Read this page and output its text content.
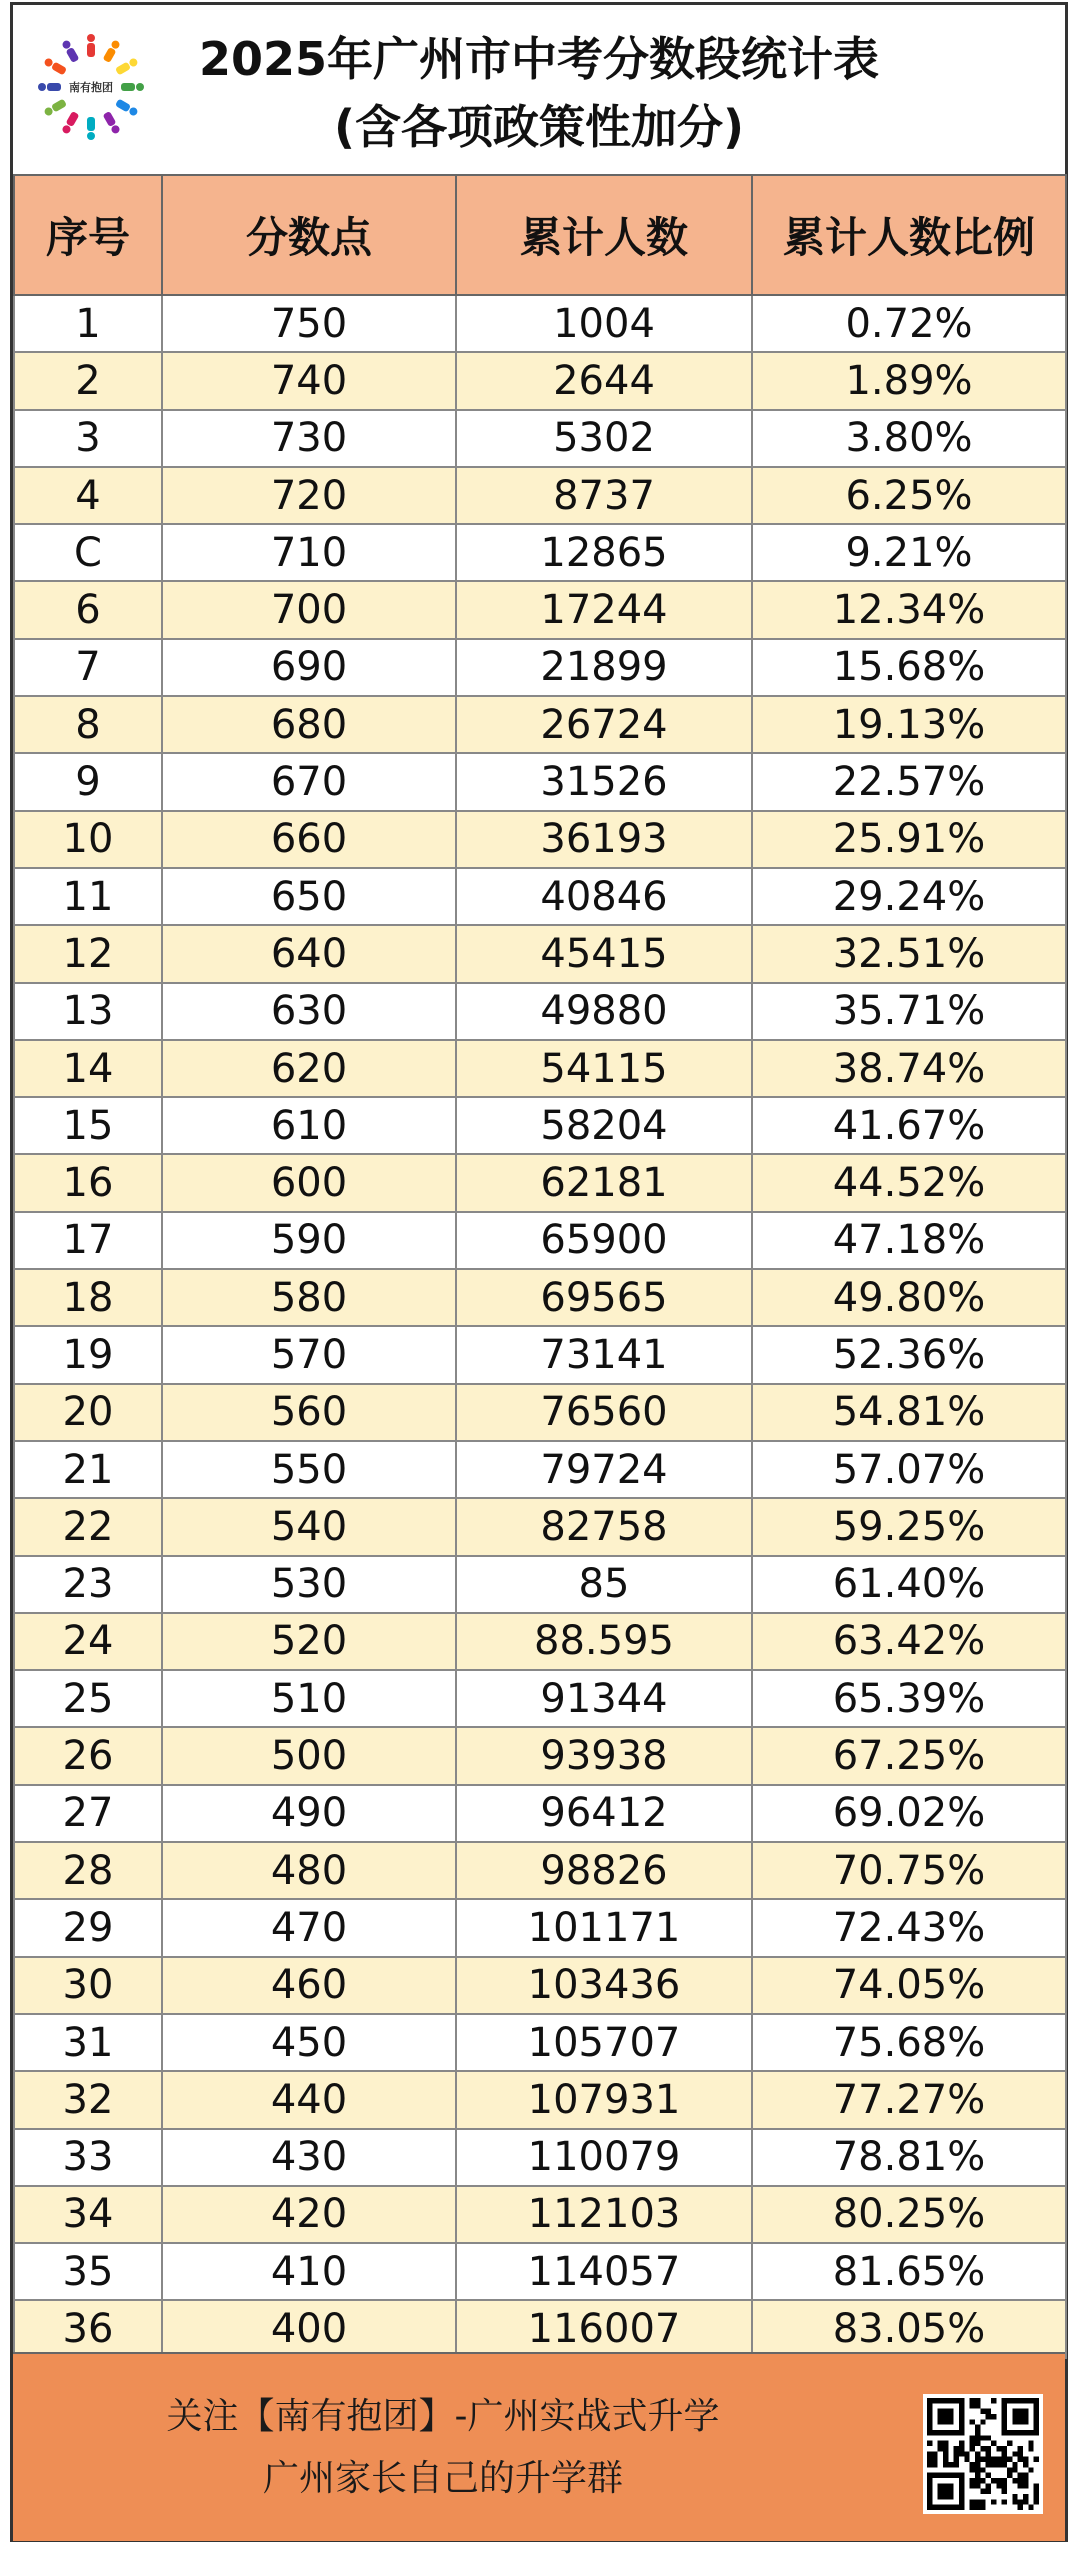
南有抱团
2025年广州市中考分数段统计表
(含各项政策性加分)
序号	分数点	累计人数	累计人数比例
1	750	1004	0.72%
2	740	2644	1.89%
3	730	5302	3.80%
4	720	8737	6.25%
C	710	12865	9.21%
6	700	17244	12.34%
7	690	21899	15.68%
8	680	26724	19.13%
9	670	31526	22.57%
10	660	36193	25.91%
11	650	40846	29.24%
12	640	45415	32.51%
13	630	49880	35.71%
14	620	54115	38.74%
15	610	58204	41.67%
16	600	62181	44.52%
17	590	65900	47.18%
18	580	69565	49.80%
19	570	73141	52.36%
20	560	76560	54.81%
21	550	79724	57.07%
22	540	82758	59.25%
23	530	85	61.40%
24	520	88.595	63.42%
25	510	91344	65.39%
26	500	93938	67.25%
27	490	96412	69.02%
28	480	98826	70.75%
29	470	101171	72.43%
30	460	103436	74.05%
31	450	105707	75.68%
32	440	107931	77.27%
33	430	110079	78.81%
34	420	112103	80.25%
35	410	114057	81.65%
36	400	116007	83.05%
关注【南有抱团】-广州实战式升学
广州家长自己的升学群
